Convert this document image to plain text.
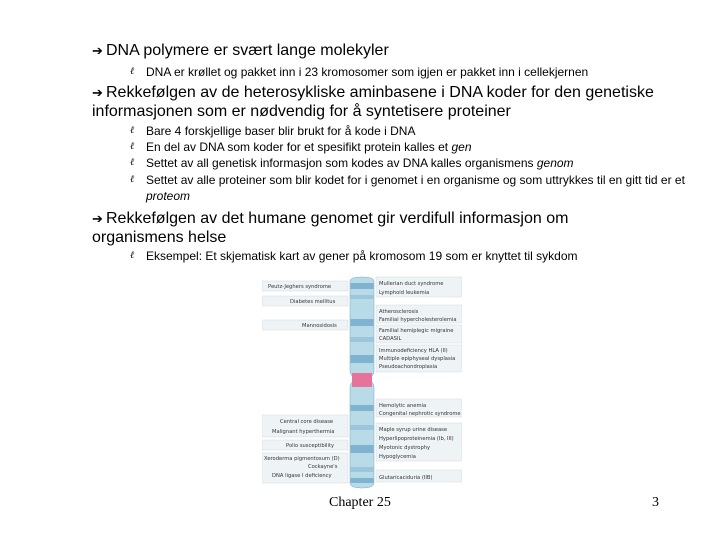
➔ DNA polymere er svært lange molekyler
ℓ DNA er krøllet og pakket inn i 23 kromosomer som igjen er pakket inn i cellekjernen
➔ Rekkefølgen av de heterosykliske aminbasene i DNA koder for den genetiske informasjonen som er nødvendig for å syntetisere proteiner
ℓ Bare 4 forskjellige baser blir brukt for å kode i DNA
ℓ En del av DNA som koder for et spesifikt protein kalles et gen
ℓ Settet av all genetisk informasjon som kodes av DNA kalles organismens genom
ℓ Settet av alle proteiner som blir kodet for i genomet i en organisme og som uttrykkes til en gitt tid er et proteom
➔ Rekkefølgen av det humane genomet gir verdifull informasjon om organismens helse
ℓ Eksempel: Et skjematisk kart av gener på kromosom 19 som er knyttet til sykdom
Peutz-Jeghers syndrome
Diabetes mellitus
Mannosidosis
Central core disease
Malignant hyperthermia
Polio susceptibility
Xeroderma pigmentosum (D)
Cockayne's
DNA ligase I deficiency
Mullerian duct syndrome
Lymphoid leukemia
Atherosclerosis
Familial hypercholesterolemia
Familial hemiplegic migraine
CADASIL
Immunodeficiency HLA (II)
Multiple epiphyseal dysplasia
Pseudoachondroplasia
Hemolytic anemia
Congenital nephrotic syndrome
Maple syrup urine disease
Hyperlipoproteinemia (Ib, III)
Myotonic dystrophy
Hypoglycemia
Glutaricaciduria (IIB)
Chapter 25	3
